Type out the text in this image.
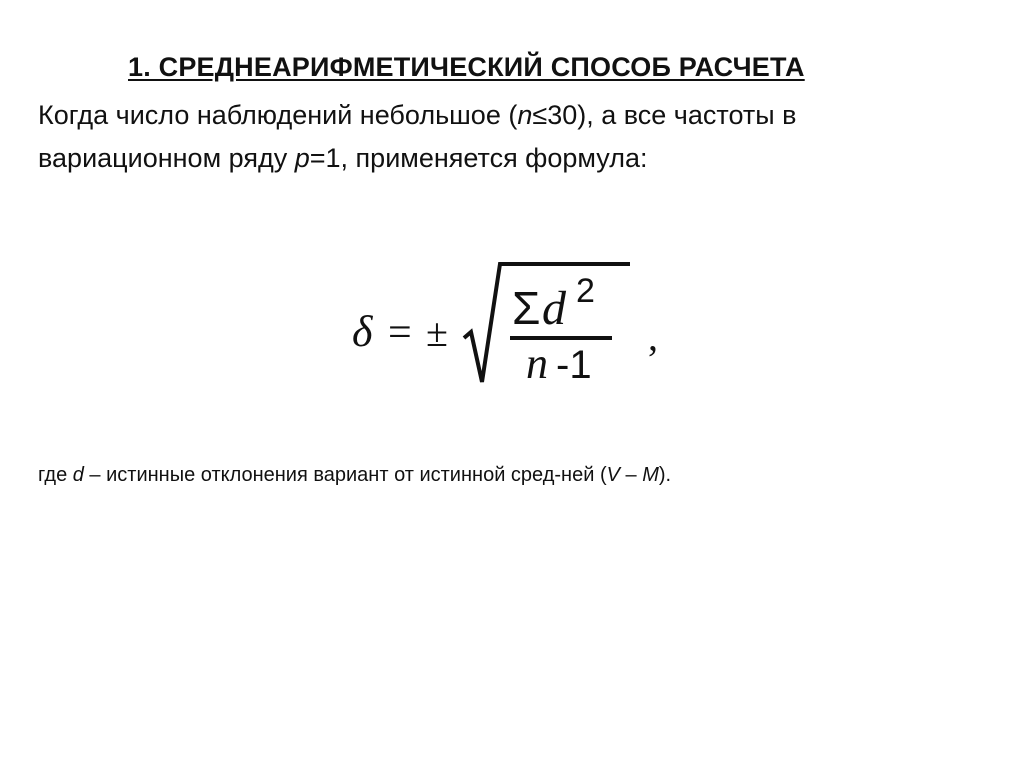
1. СРЕДНЕАРИФМЕТИЧЕСКИЙ СПОСОБ РАСЧЕТА
Когда число наблюдений небольшое (n≤30), а все частоты в
вариационном ряду p=1, применяется формула:
δ = ± Σ d 2
n -1
,
где d – истинные отклонения вариант от истинной сред-ней (V – M).
